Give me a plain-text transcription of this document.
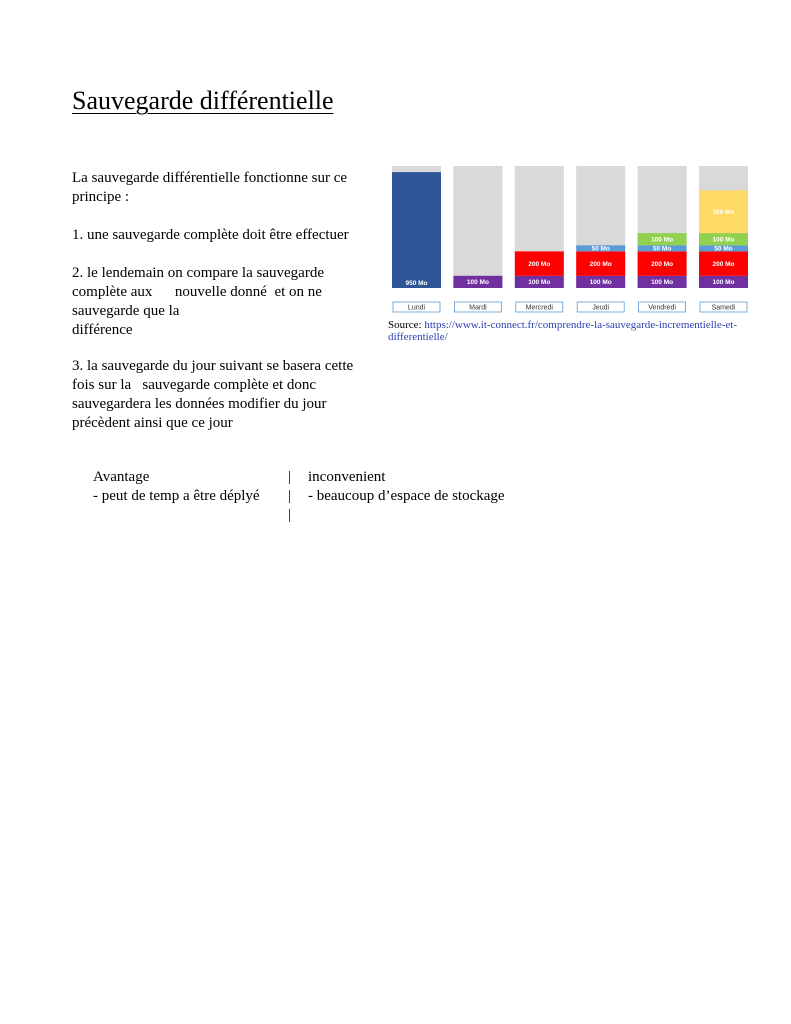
Sauvegarde différentielle

La sauvegarde différentielle fonctionne sur ce

principe :

1. une sauvegarde complète doit être effectuer

2. le lendemain on compare la sauvegarde

complète aux      nouvelle donné  et on ne

sauvegarde que la

différence

3. la sauvegarde du jour suivant se basera cette

fois sur la   sauvegarde complète et donc

sauvegardera les données modifier du jour

précèdent ainsi que ce jour

950 Mo
Lundi
100 Mo
Mardi
100 Mo
200 Mo
Mercredi
100 Mo
200 Mo
50 Mo
Jeudi
100 Mo
200 Mo
50 Mo
100 Mo
Vendredi
100 Mo
200 Mo
50 Mo
100 Mo
350 Mo
Samedi
Source: https://www.it-connect.fr/comprendre-la-sauvegarde-incrementielle-et-differentielle/
Avantage	| inconvenient
- peut de temp a être déplyé | - beaucoup d’espace de stockage
|
